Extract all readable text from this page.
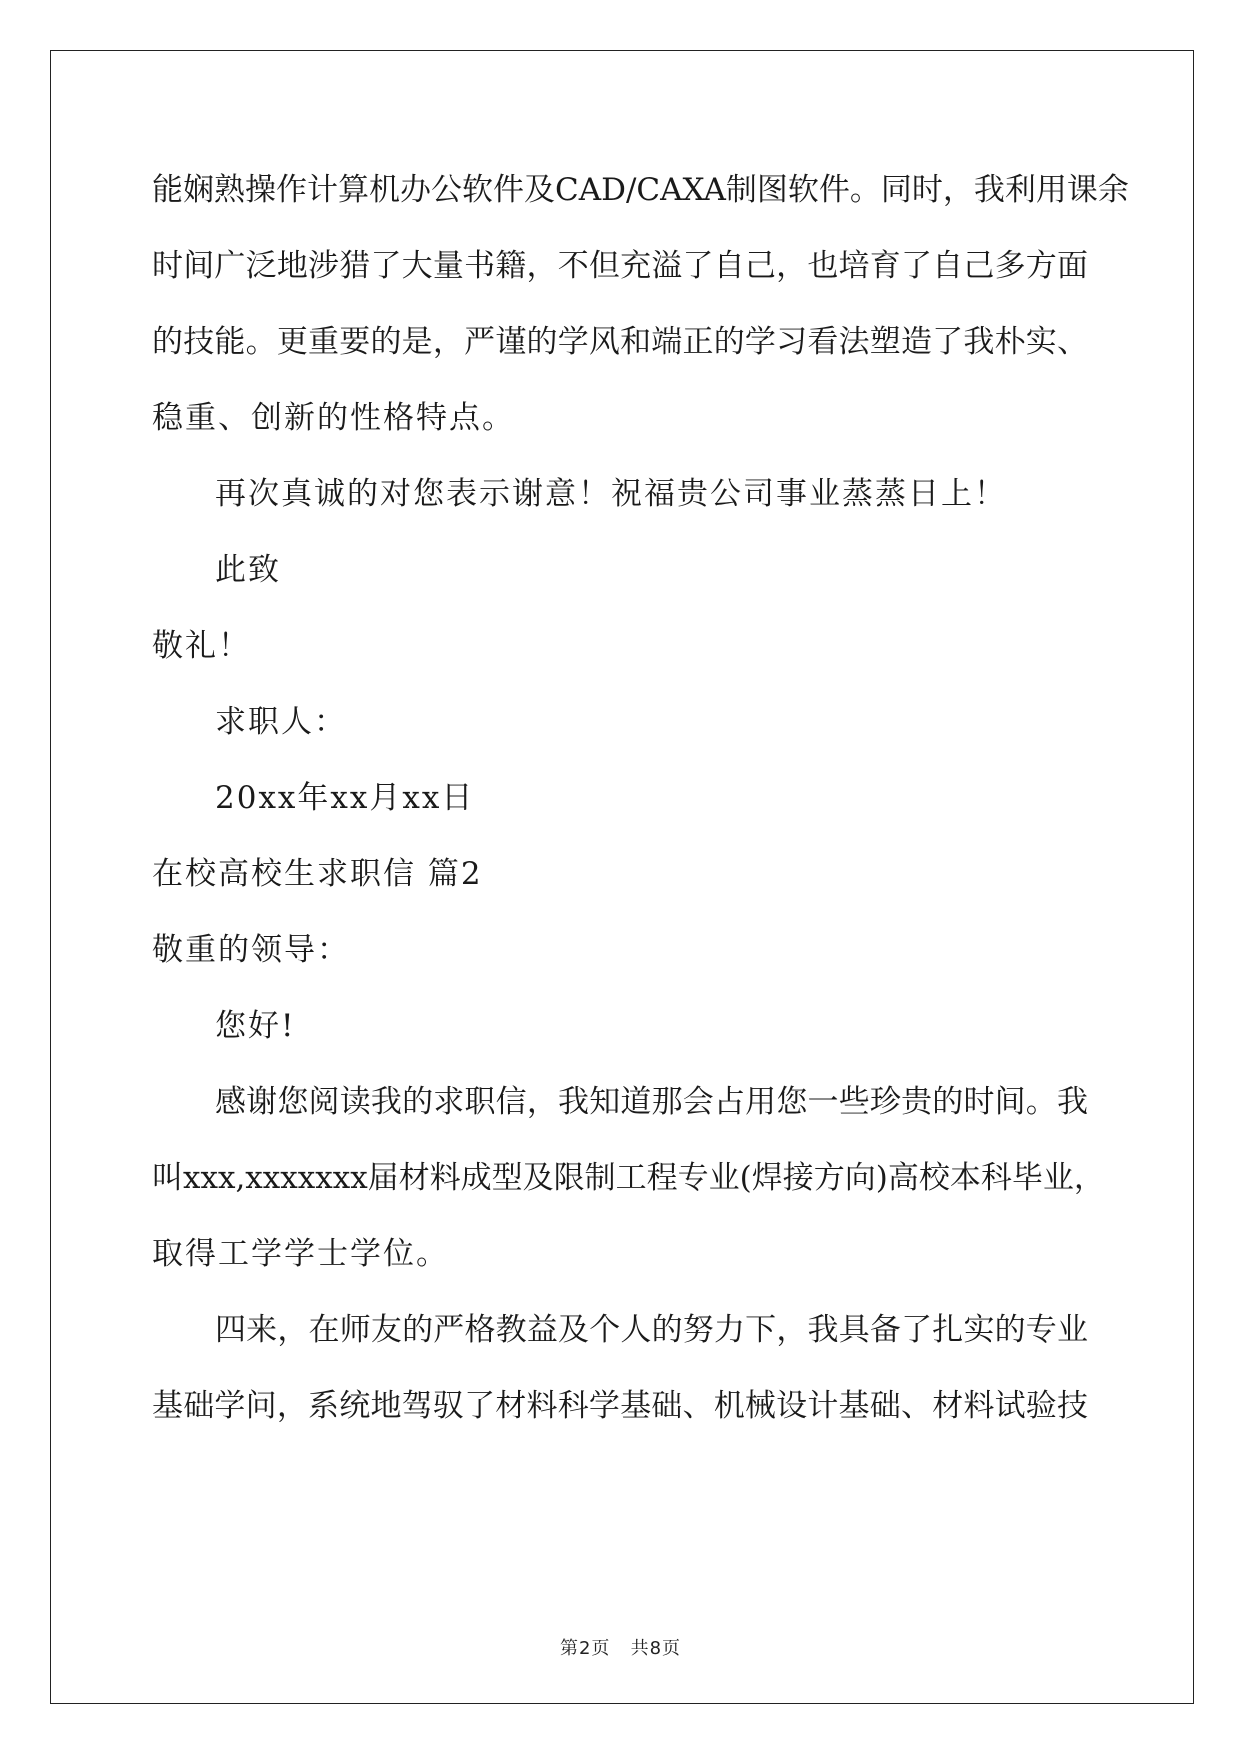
能娴熟操作计算机办公软件及CAD/CAXA制图软件。同时，我利用课余

时间广泛地涉猎了大量书籍，不但充溢了自己，也培育了自己多方面

的技能。更重要的是，严谨的学风和端正的学习看法塑造了我朴实、

稳重、创新的性格特点。

再次真诚的对您表示谢意！祝福贵公司事业蒸蒸日上！

此致

敬礼！

求职人：

20xx年xx月xx日

在校高校生求职信 篇2

敬重的领导：

您好!

感谢您阅读我的求职信，我知道那会占用您一些珍贵的时间。我

叫xxx,xxxxxxx届材料成型及限制工程专业(焊接方向)高校本科毕业，

取得工学学士学位。

四来，在师友的严格教益及个人的努力下，我具备了扎实的专业

基础学问，系统地驾驭了材料科学基础、机械设计基础、材料试验技

第2页   共8页
